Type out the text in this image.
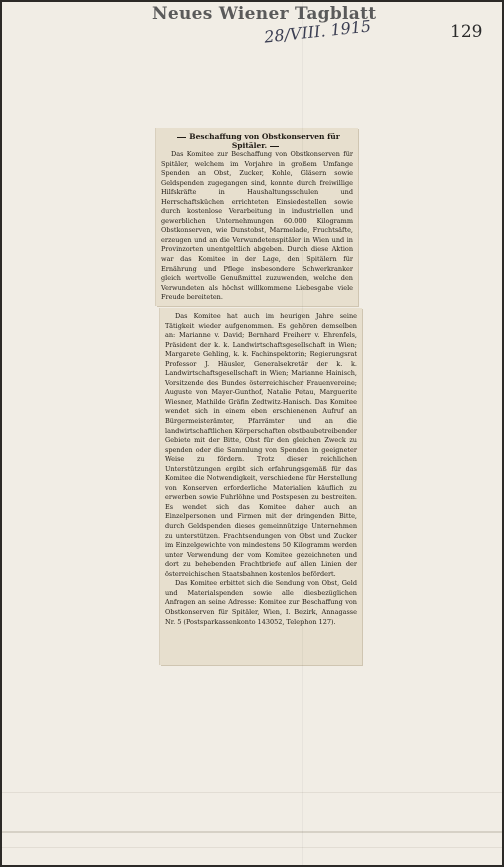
Neues Wiener Tagblatt

28/VIII. 1915	129

Beschaffung von Obstkonserven für Spitäler.

Das Komitee zur Beschaffung von Obstkonserven für Spitäler, welchem im Vorjahre in großem Umfange Spenden an Obst, Zucker, Kohle, Gläsern sowie Geldspenden zugegangen sind, konnte durch freiwillige Hilfskräfte in Haushaltungsschulen und Herrschaftsküchen errichteten Einsiedestellen sowie durch kostenlose Verarbeitung in industriellen und gewerblichen Unternehmungen 60.000 Kilogramm Obstkonserven, wie Dunstobst, Marmelade, Fruchtsäfte, erzeugen und an die Verwundetenspitäler in Wien und in Provinzorten unentgeltlich abgeben. Durch diese Aktion war das Komitee in der Lage, den Spitälern für Ernährung und Pflege insbesondere Schwerkranker gleich wertvolle Genußmittel zuzuwenden, welche den Verwundeten als höchst willkommene Liebesgabe viele Freude bereiteten.

Das Komitee hat auch im heurigen Jahre seine Tätigkeit wieder aufgenommen. Es gehören demselben an: Marianne v. David; Bernhard Freiherr v. Ehrenfels, Präsident der k. k. Landwirtschaftsgesellschaft in Wien; Margarete Gehling, k. k. Fachinspektorin; Regierungsrat Professor J. Häusler, Generalsekretär der k. k. Landwirtschaftsgesellschaft in Wien; Marianne Hainisch, Vorsitzende des Bundes österreichischer Frauenvereine; Auguste von Mayer-Gunthof, Natalie Petau, Marguerite Wiesner, Mathilde Gräfin Zedtwitz-Hanisch. Das Komitee wendet sich in einem eben erschienenen Aufruf an Bürgermeisterämter, Pfarrämter und an die landwirtschaftlichen Körperschaften obstbaubetreibender Gebiete mit der Bitte, Obst für den gleichen Zweck zu spenden oder die Sammlung von Spenden in geeigneter Weise zu fördern. Trotz dieser reichlichen Unterstützungen ergibt sich erfahrungsgemäß für das Komitee die Notwendigkeit, verschiedene für Herstellung von Konserven erforderliche Materialien käuflich zu erwerben sowie Fuhrlöhne und Postspesen zu bestreiten. Es wendet sich das Komitee daher auch an Einzelpersonen und Firmen mit der dringenden Bitte, durch Geldspenden dieses gemeinnützige Unternehmen zu unterstützen. Frachtsendungen von Obst und Zucker im Einzelgewichte von mindestens 50 Kilogramm werden unter Verwendung der vom Komitee gezeichneten und dort zu behebenden Frachtbriefe auf allen Linien der österreichischen Staatsbahnen kostenlos befördert.

Das Komitee erbittet sich die Sendung von Obst, Geld und Materialspenden sowie alle diesbezüglichen Anfragen an seine Adresse: Komitee zur Beschaffung von Obstkonserven für Spitäler, Wien, I. Bezirk, Annagasse Nr. 5 (Postsparkassenkonto 143052, Telephon 127).
